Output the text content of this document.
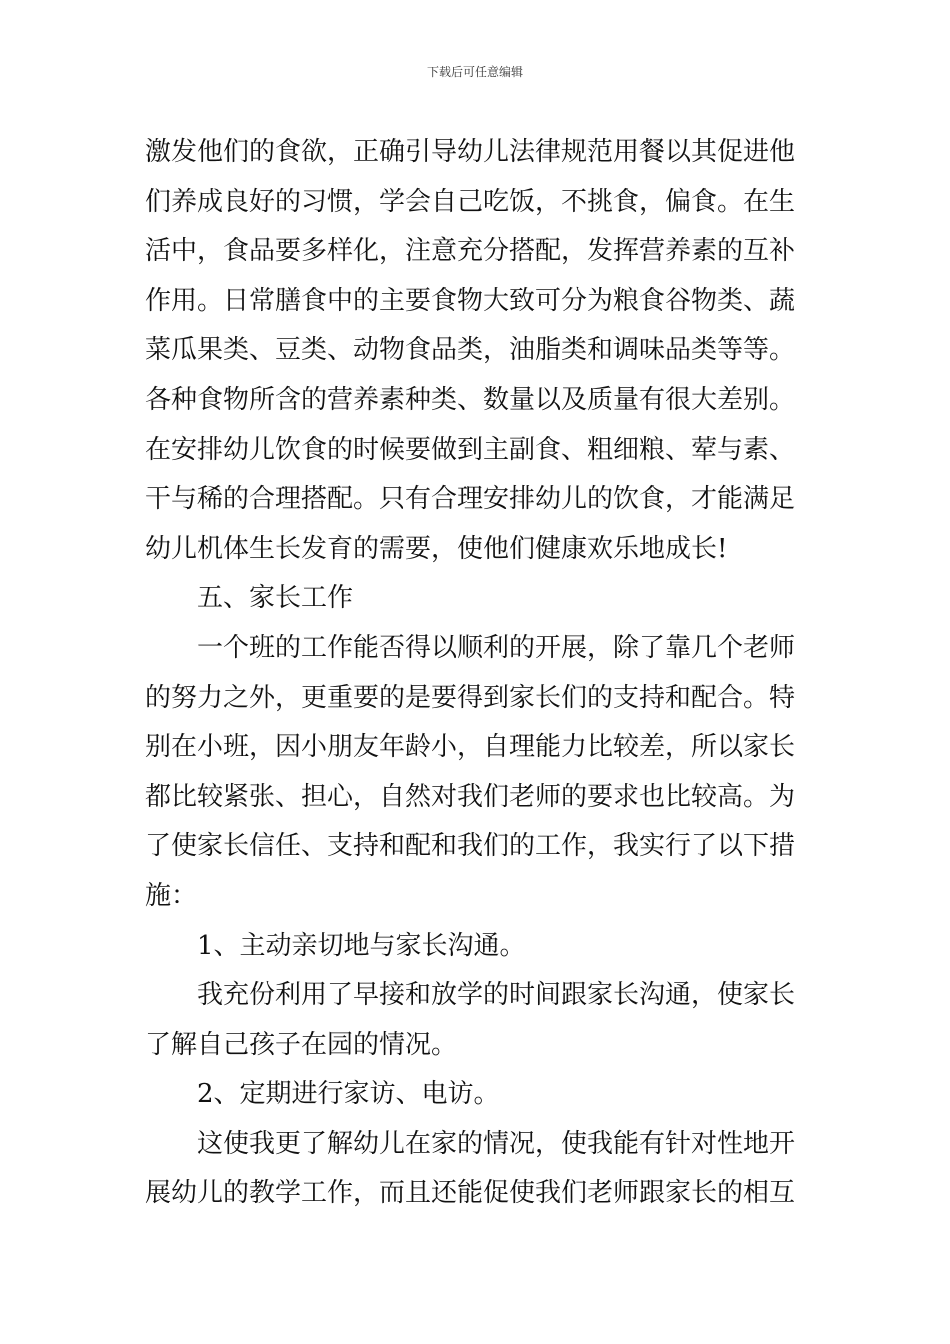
下载后可任意编辑
激发他们的食欲，正确引导幼儿法律规范用餐以其促进他
们养成良好的习惯，学会自己吃饭，不挑食，偏食。在生
活中，食品要多样化，注意充分搭配，发挥营养素的互补
作用。日常膳食中的主要食物大致可分为粮食谷物类、蔬
菜瓜果类、豆类、动物食品类，油脂类和调味品类等等。
各种食物所含的营养素种类、数量以及质量有很大差别。
在安排幼儿饮食的时候要做到主副食、粗细粮、荤与素、
干与稀的合理搭配。只有合理安排幼儿的饮食，才能满足
幼儿机体生长发育的需要，使他们健康欢乐地成长!
五、家长工作
一个班的工作能否得以顺利的开展，除了靠几个老师
的努力之外，更重要的是要得到家长们的支持和配合。特
别在小班，因小朋友年龄小，自理能力比较差，所以家长
都比较紧张、担心，自然对我们老师的要求也比较高。为
了使家长信任、支持和配和我们的工作，我实行了以下措
施：
1、主动亲切地与家长沟通。
我充份利用了早接和放学的时间跟家长沟通，使家长
了解自己孩子在园的情况。
2、定期进行家访、电访。
这使我更了解幼儿在家的情况，使我能有针对性地开
展幼儿的教学工作，而且还能促使我们老师跟家长的相互
